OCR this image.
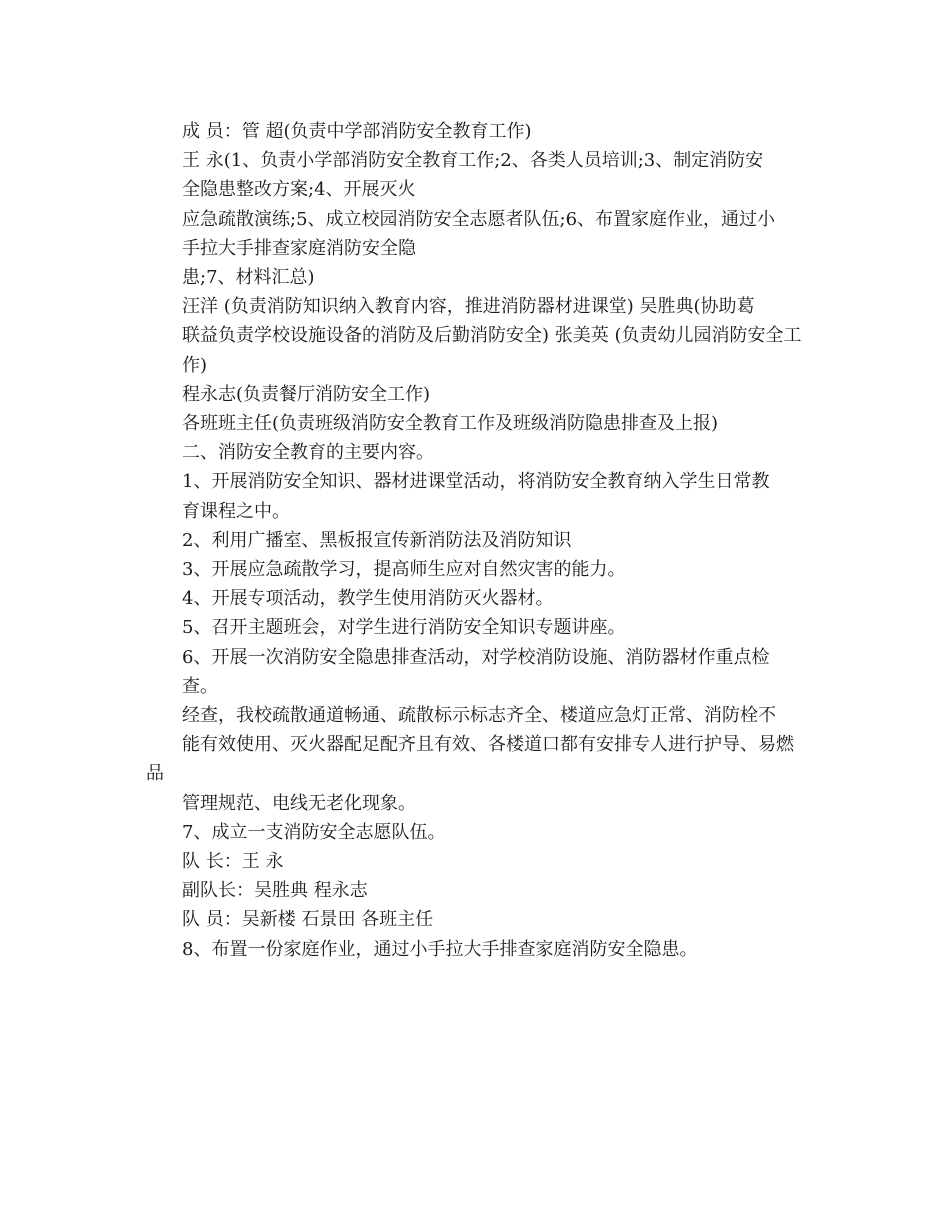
成 员：管 超(负责中学部消防安全教育工作)

王 永(1、负责小学部消防安全教育工作;2、各类人员培训;3、制定消防安
全隐患整改方案;4、开展灭火

应急疏散演练;5、成立校园消防安全志愿者队伍;6、布置家庭作业，通过小
手拉大手排查家庭消防安全隐

患;7、材料汇总)

汪洋 (负责消防知识纳入教育内容，推进消防器材进课堂) 吴胜典(协助葛
联益负责学校设施设备的消防及后勤消防安全) 张美英 (负责幼儿园消防安全工
作)

程永志(负责餐厅消防安全工作)

各班班主任(负责班级消防安全教育工作及班级消防隐患排查及上报)

二、消防安全教育的主要内容。

1、开展消防安全知识、器材进课堂活动，将消防安全教育纳入学生日常教
育课程之中。

2、利用广播室、黑板报宣传新消防法及消防知识

3、开展应急疏散学习，提高师生应对自然灾害的能力。

4、开展专项活动，教学生使用消防灭火器材。

5、召开主题班会，对学生进行消防安全知识专题讲座。

6、开展一次消防安全隐患排查活动，对学校消防设施、消防器材作重点检
查。

经查，我校疏散通道畅通、疏散标示标志齐全、楼道应急灯正常、消防栓不
能有效使用、灭火器配足配齐且有效、各楼道口都有安排专人进行护导、易燃品
管理规范、电线无老化现象。

7、成立一支消防安全志愿队伍。

队 长：王 永

副队长：吴胜典 程永志

队 员：吴新楼 石景田 各班主任

8、布置一份家庭作业，通过小手拉大手排查家庭消防安全隐患。
